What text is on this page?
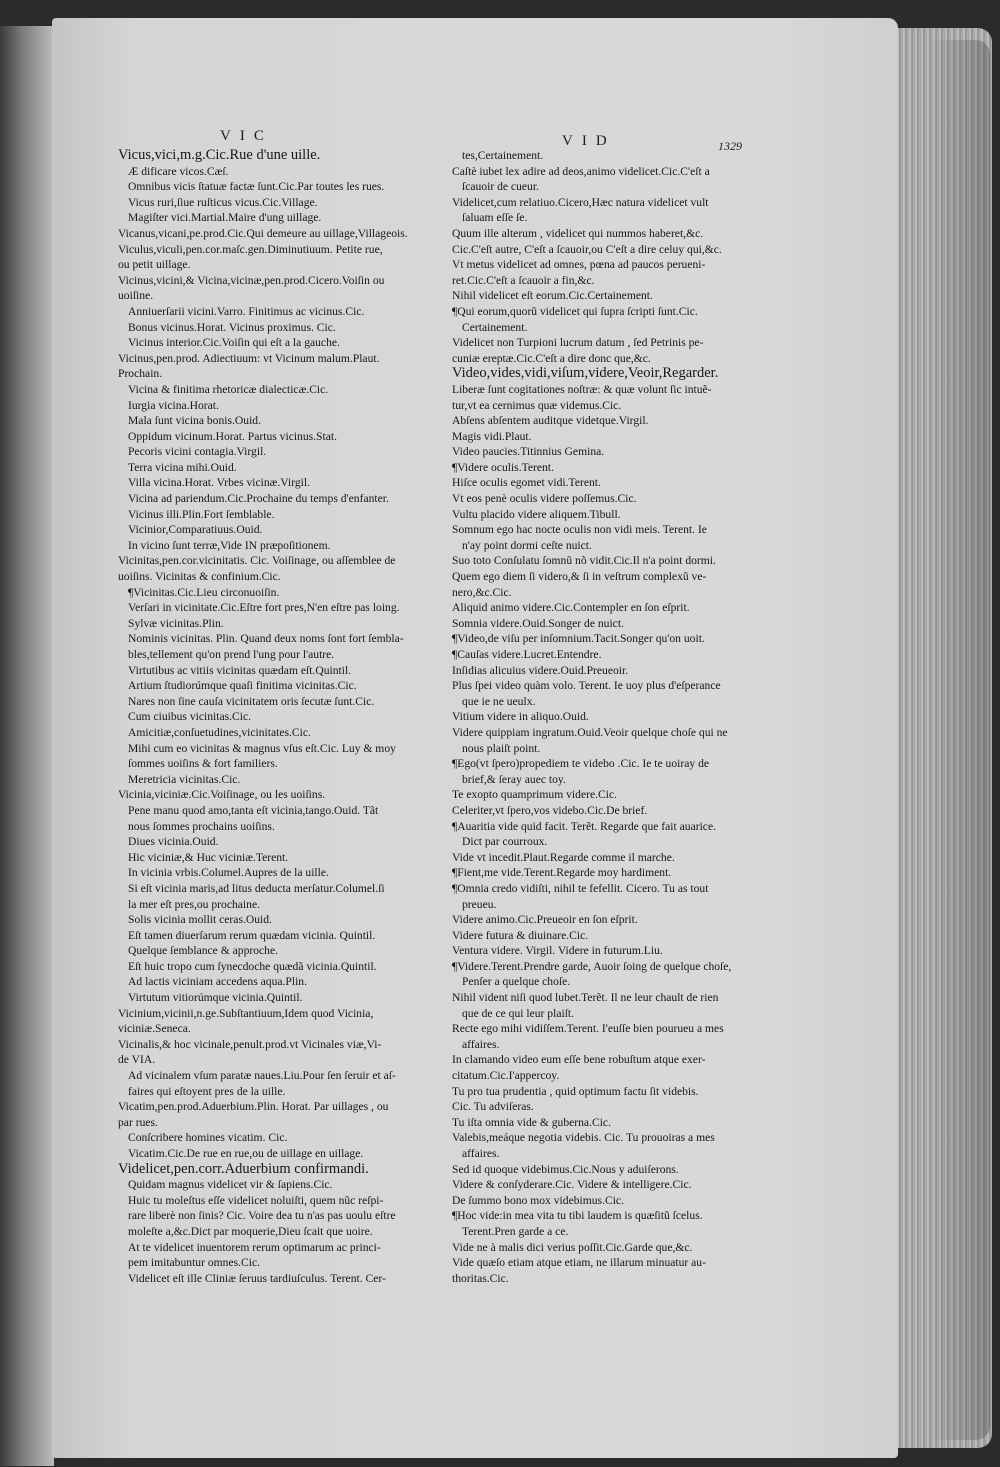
VIC	VID	1329
Vicus,vici,m.g.Cic.Rue d'une uille.
Æ dificare vicos.Cæſ.
Omnibus vicis ſtatuæ factæ ſunt.Cic.Par toutes les rues.
Vicus ruri,ſiue ruſticus vicus.Cic.Village.
Magiſter vici.Martial.Maire d'ung uillage.
Vicanus,vicani,pe.prod.Cic.Qui demeure au uillage,Villageois.
Viculus,viculi,pen.cor.maſc.gen.Diminutiuum. Petite rue,
ou petit uillage.
Vicinus,vicini,& Vicina,vicinæ,pen.prod.Cicero.Voiſin ou
uoiſine.
Anniuerſarii vicini.Varro. Finitimus ac vicinus.Cic.
Bonus vicinus.Horat. Vicinus proximus. Cic.
Vicinus interior.Cic.Voiſin qui eſt a la gauche.
Vicinus,pen.prod. Adiectiuum: vt Vicinum malum.Plaut.
Prochain.
Vicina & finitima rhetoricæ dialecticæ.Cic.
Iurgia vicina.Horat.
Mala ſunt vicina bonis.Ouid.
Oppidum vicinum.Horat. Partus vicinus.Stat.
Pecoris vicini contagia.Virgil.
Terra vicina mihi.Ouid.
Villa vicina.Horat. Vrbes vicinæ.Virgil.
Vicina ad pariendum.Cic.Prochaine du temps d'enfanter.
Vicinus illi.Plin.Fort ſemblable.
Vicinior,Comparatiuus.Ouid.
In vicino ſunt terræ,Vide IN præpoſitionem.
Vicinitas,pen.cor.vicinitatis. Cic. Voiſinage, ou aſſemblee de
uoiſins. Vicinitas & confinium.Cic.
¶Vicinitas.Cic.Lieu circonuoiſin.
Verſari in vicinitate.Cic.Eſtre fort pres,N'en eſtre pas loing.
Sylvæ vicinitas.Plin.
Nominis vicinitas. Plin. Quand deux noms ſont fort ſembla-
bles,tellement qu'on prend l'ung pour l'autre.
Virtutibus ac vitiis vicinitas quædam eſt.Quintil.
Artium ſtudiorúmque quaſi finitima vicinitas.Cic.
Nares non ſine cauſa vicinitatem oris ſecutæ ſunt.Cic.
Cum ciuibus vicinitas.Cic.
Amicitiæ,conſuetudines,vicinitates.Cic.
Mihi cum eo vicinitas & magnus vſus eſt.Cic. Luy & moy
ſommes uoiſins & fort familiers.
Meretricia vicinitas.Cic.
Vicinia,viciniæ.Cic.Voiſinage, ou les uoiſins.
Pene manu quod amo,tanta eſt vicinia,tango.Ouid. Tãt
nous ſommes prochains uoiſins.
Diues vicinia.Ouid.
Hic viciniæ,& Huc viciniæ.Terent.
In vicinia vrbis.Columel.Aupres de la uille.
Si eſt vicinia maris,ad litus deducta merſatur.Columel.ſi
la mer eſt pres,ou prochaine.
Solis vicinia mollit ceras.Ouid.
Eſt tamen diuerſarum rerum quædam vicinia. Quintil.
Quelque ſemblance & approche.
Eſt huic tropo cum ſynecdoche quædã vicinia.Quintil.
Ad lactis viciniam accedens aqua.Plin.
Virtutum vitiorúmque vicinia.Quintil.
Vicinium,vicinii,n.ge.Subſtantiuum,Idem quod Vicinia,
viciniæ.Seneca.
Vicinalis,& hoc vicinale,penult.prod.vt Vicinales viæ,Vi-
de VIA.
Ad vicinalem vſum paratæ naues.Liu.Pour ſen ſeruir et aſ-
faires qui eſtoyent pres de la uille.
Vicatim,pen.prod.Aduerbium.Plin. Horat. Par uillages , ou
par rues.
Conſcribere homines vicatim. Cic.
Vicatim.Cic.De rue en rue,ou de uillage en uillage.
Videlicet,pen.corr.Aduerbium confirmandi.
Quidam magnus videlicet vir & ſapiens.Cic.
Huic tu moleſtus eſſe videlicet noluiſti, quem nũc reſpi-
rare liberè non ſinis? Cic. Voire dea tu n'as pas uoulu eſtre
moleſte a,&c.Dict par moquerie,Dieu ſcait que uoire.
At te videlicet inuentorem rerum optimarum ac princi-
pem imitabuntur omnes.Cic.
Videlicet eſt ille Cliniæ ſeruus tardiuſculus. Terent. Cer-
tes,Certainement.
Caſtè iubet lex adire ad deos,animo videlicet.Cic.C'eſt a
ſcauoir de cueur.
Videlicet,cum relatiuo.Cicero,Hæc natura videlicet vult
ſaluam eſſe ſe.
Quum ille alterum , videlicet qui nummos haberet,&c.
Cic.C'eſt autre, C'eſt a ſcauoir,ou C'eſt a dire celuy qui,&c.
Vt metus videlicet ad omnes, pœna ad paucos perueni-
ret.Cic.C'eſt a ſcauoir a fin,&c.
Nihil videlicet eſt eorum.Cic.Certainement.
¶Qui eorum,quorũ videlicet qui ſupra ſcripti ſunt.Cic.
Certainement.
Videlicet non Turpioni lucrum datum , ſed Petrinis pe-
cuniæ ereptæ.Cic.C'eſt a dire donc que,&c.
Video,vides,vidi,viſum,videre,Veoir,Regarder.
Liberæ ſunt cogitationes noſtræ: & quæ volunt ſic intuẽ-
tur,vt ea cernimus quæ videmus.Cic.
Abſens abſentem auditque videtque.Virgil.
Magis vidi.Plaut.
Video paucies.Titinnius Gemina.
¶Videre oculis.Terent.
Hiſce oculis egomet vidi.Terent.
Vt eos penè oculis videre poſſemus.Cic.
Vultu placido videre aliquem.Tibull.
Somnum ego hac nocte oculis non vidi meis. Terent. Ie
n'ay point dormi ceſte nuict.
Suo toto Conſulatu ſomnũ nõ vidit.Cic.Il n'a point dormi.
Quem ego diem ſi videro,& ſi in veſtrum complexũ ve-
nero,&c.Cic.
Aliquid animo videre.Cic.Contempler en ſon eſprit.
Somnia videre.Ouid.Songer de nuict.
¶Video,de viſu per inſomnium.Tacit.Songer qu'on uoit.
¶Cauſas videre.Lucret.Entendre.
Inſidias alicuius videre.Ouid.Preueoir.
Plus ſpei video quàm volo. Terent. Ie uoy plus d'eſperance
que ie ne ueulx.
Vitium videre in aliquo.Ouid.
Videre quippiam ingratum.Ouid.Veoir quelque choſe qui ne
nous plaiſt point.
¶Ego(vt ſpero)propediem te videbo .Cic. Ie te uoiray de
brief,& ſeray auec toy.
Te exopto quamprimum videre.Cic.
Celeriter,vt ſpero,vos videbo.Cic.De brief.
¶Auaritia vide quid facit. Terẽt. Regarde que fait auarice.
Dict par courroux.
Vide vt incedit.Plaut.Regarde comme il marche.
¶Fient,me vide.Terent.Regarde moy hardiment.
¶Omnia credo vidiſti, nihil te fefellit. Cicero. Tu as tout
preueu.
Videre animo.Cic.Preueoir en ſon eſprit.
Videre futura & diuinare.Cic.
Ventura videre. Virgil. Videre in futurum.Liu.
¶Videre.Terent.Prendre garde, Auoir ſoing de quelque choſe,
Penſer a quelque choſe.
Nihil vident niſi quod lubet.Terẽt. Il ne leur chault de rien
que de ce qui leur plaiſt.
Recte ego mihi vidiſſem.Terent. I'euſſe bien pourueu a mes
affaires.
In clamando video eum eſſe bene robuſtum atque exer-
citatum.Cic.I'appercoy.
Tu pro tua prudentia , quid optimum factu ſit videbis.
Cic. Tu adviſeras.
Tu iſta omnia vide & guberna.Cic.
Valebis,meáque negotia videbis. Cic. Tu prouoiras a mes
affaires.
Sed id quoque videbimus.Cic.Nous y aduiſerons.
Videre & conſyderare.Cic. Videre & intelligere.Cic.
De ſummo bono mox videbimus.Cic.
¶Hoc vide:in mea vita tu tibi laudem is quæſitũ ſcelus.
Terent.Pren garde a ce.
Vide ne à malis dici verius poſſit.Cic.Garde que,&c.
Vide quæſo etiam atque etiam, ne illarum minuatur au-
thoritas.Cic.
